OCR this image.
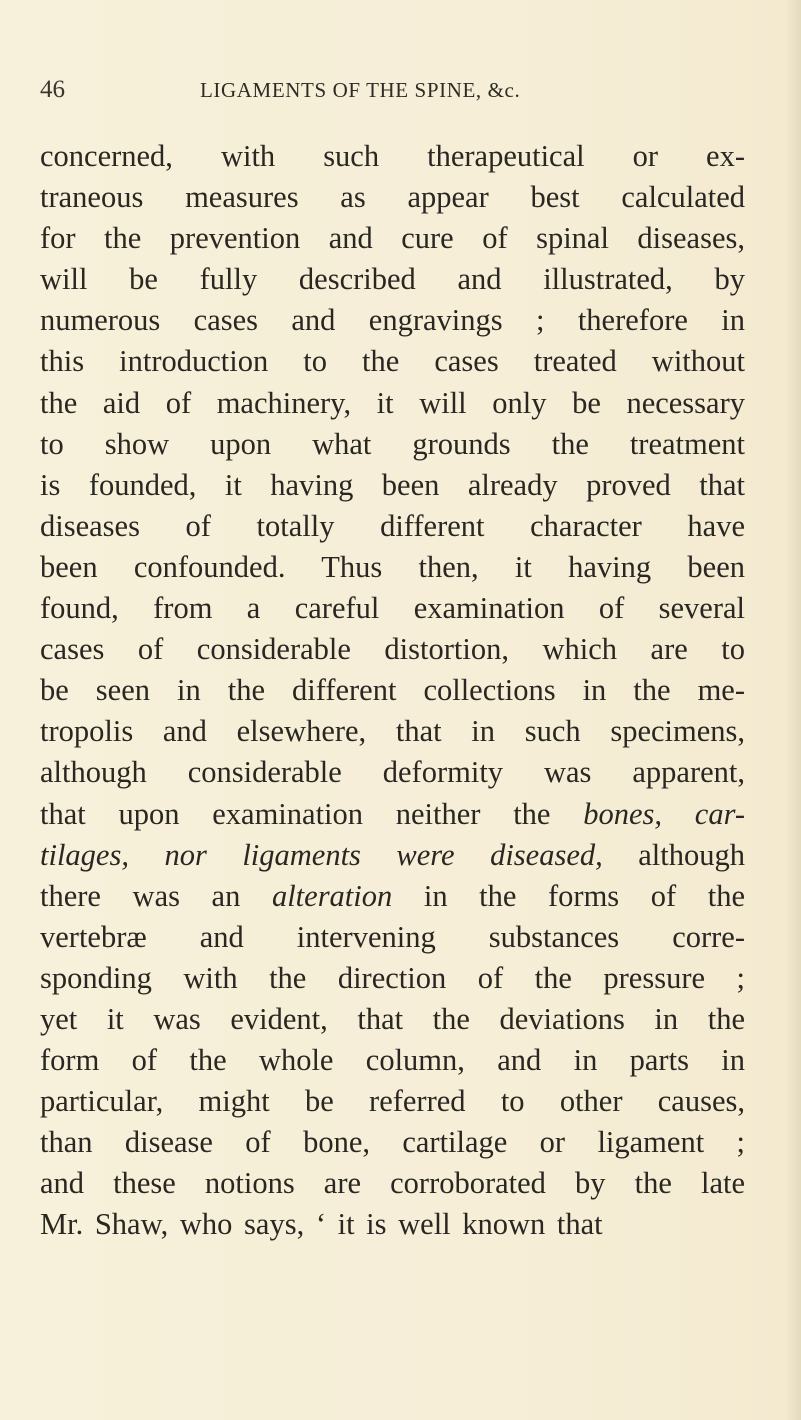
46	LIGAMENTS OF THE SPINE, &c.
concerned, with such therapeutical or ex-
traneous measures as appear best calculated
for the prevention and cure of spinal diseases,
will be fully described and illustrated, by
numerous cases and engravings ; therefore in
this introduction to the cases treated without
the aid of machinery, it will only be necessary
to show upon what grounds the treatment
is founded, it having been already proved that
diseases of totally different character have
been confounded. Thus then, it having been
found, from a careful examination of several
cases of considerable distortion, which are to
be seen in the different collections in the me-
tropolis and elsewhere, that in such specimens,
although considerable deformity was apparent,
that upon examination neither the bones, car-
tilages, nor ligaments were diseased, although
there was an alteration in the forms of the
vertebræ and intervening substances corre-
sponding with the direction of the pressure ;
yet it was evident, that the deviations in the
form of the whole column, and in parts in
particular, might be referred to other causes,
than disease of bone, cartilage or ligament ;
and these notions are corroborated by the late
Mr. Shaw, who says, ‘ it is well known that
